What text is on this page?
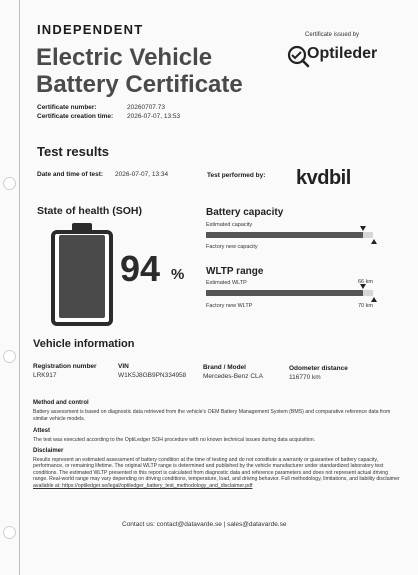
INDEPENDENT
Electric Vehicle
Battery Certificate
Certificate issued by
Optileder
Certificate number:	20260707.73
Certificate creation time: 2026-07-07, 13:53
Test results
Date and time of test: 2026-07-07, 13:34	Test performed by: kvdbil
State of health (SOH)
94 %
Battery capacity
Estimated capacity
Factory new capacity
WLTP range
Estimated WLTP	66 km
Factory new WLTP	70 km
Vehicle information
Registration number
LRK917
VIN
W1K5J8GB9PN334958
Brand / Model
Mercedes-Benz CLA
Odometer distance
116770 km
Method and control
Battery assessment is based on diagnostic data retrieved from the vehicle's OEM Battery Management System (BMS) and comparative reference data from
similar vehicle models.
Attest
The test was executed according to the OptiLedger SOH procedure with no known technical issues during data acquisition.
Disclaimer
Results represent an estimated assessment of battery condition at the time of testing and do not constitute a warranty or guarantee of battery capacity,
performance, or remaining lifetime. The original WLTP range is determined and published by the vehicle manufacturer under standardized laboratory test
conditions. The estimated WLTP presented in this report is calculated from diagnostic data and reference parameters and does not represent actual driving
range. Real-world range may vary depending on driving conditions, temperature, load, and driving behavior. Full methodology, limitations, and liability disclaimer
available at: https://optiledger.se/legal/optiledger_battery_test_methodology_and_disclaimer.pdf
Contact us: contact@datavarde.se | sales@datavarde.se
